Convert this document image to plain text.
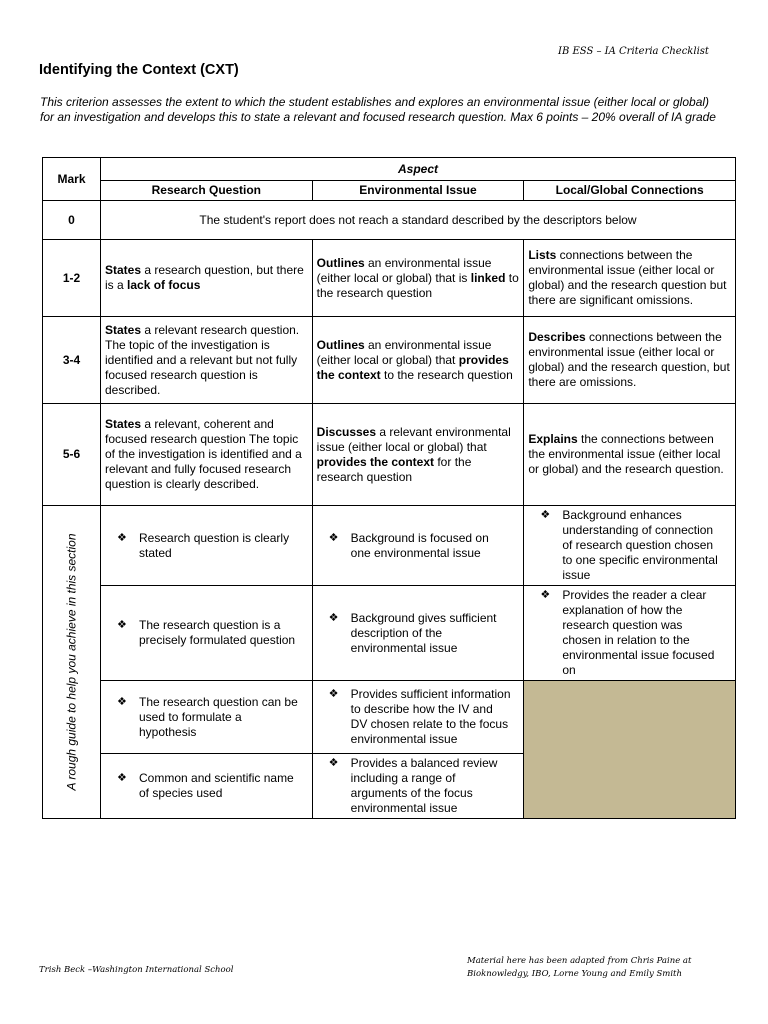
IB ESS – IA Criteria Checklist
Identifying the Context (CXT)
This criterion assesses the extent to which the student establishes and explores an environmental issue (either local or global) for an investigation and develops this to state a relevant and focused research question. Max 6 points – 20% overall of IA grade
Mark	Aspect		
	Research Question	Environmental Issue	Local/Global Connections
0	The student's report does not reach a standard described by the descriptors below		
1-2	States a research question, but there is a lack of focus	Outlines an environmental issue (either local or global) that is linked to the research question	Lists connections between the environmental issue (either local or global) and the research question but there are significant omissions.
3-4	States a relevant research question. The topic of the investigation is identified and a relevant but not fully focused research question is described.	Outlines an environmental issue (either local or global) that provides the context to the research question	Describes connections between the environmental issue (either local or global) and the research question, but there are omissions.
5-6	States a relevant, coherent and focused research question The topic of the investigation is identified and a relevant and fully focused research question is clearly described.	Discusses a relevant environmental issue (either local or global) that provides the context for the research question	Explains the connections between the environmental issue (either local or global) and the research question.

A rough guide to help you achieve in this section	❖ Research question is clearly stated	❖ Background is focused on one environmental issue	❖ Background enhances understanding of connection of research question chosen to one specific environmental issue

	❖ The research question is a precisely formulated question	❖ Background gives sufficient description of the environmental issue	❖ Provides the reader a clear explanation of how the research question was chosen in relation to the environmental issue focused on

	❖ The research question can be used to formulate a hypothesis	❖ Provides sufficient information to describe how the IV and DV chosen relate to the focus environmental issue	

	❖ Common and scientific name of species used	❖ Provides a balanced review including a range of arguments of the focus environmental issue	
Trish Beck –Washington International School
Material here has been adapted from Chris Paine at
Bioknowledgy, IBO, Lorne Young and Emily Smith
